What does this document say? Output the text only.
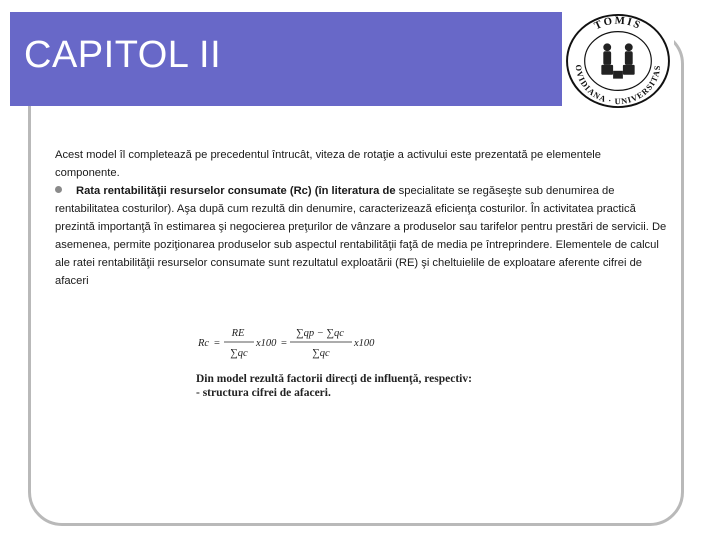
CAPITOL II
TOMIS
OVIDIANA · UNIVERSITAS

Acest model îl completează pe precedentul întrucât, viteza de rotaţie a activului este prezentată pe elementele componente.

Rata rentabilităţii resurselor consumate (Rc) (în literatura de specialitate se regăseşte sub denumirea de rentabilitatea costurilor). Aşa după cum rezultă din denumire, caracterizează eficienţa costurilor. În activitatea practică prezintă importanţă în estimarea şi negocierea preţurilor de vânzare a produselor sau tarifelor pentru prestări de servicii. De asemenea, permite poziţionarea produselor sub aspectul rentabilităţii faţă de media pe întreprindere. Elementele de calcul ale ratei rentabilităţii resurselor consumate sunt rezultatul exploatării (RE) şi cheltuielile de exploatare aferente cifrei de afaceri

Rc =
RE
∑qc
x100 =
∑qp − ∑qc
∑qc
x100
Din model rezultă factorii direcţi de influenţă, respectiv:
- structura cifrei de afaceri.
